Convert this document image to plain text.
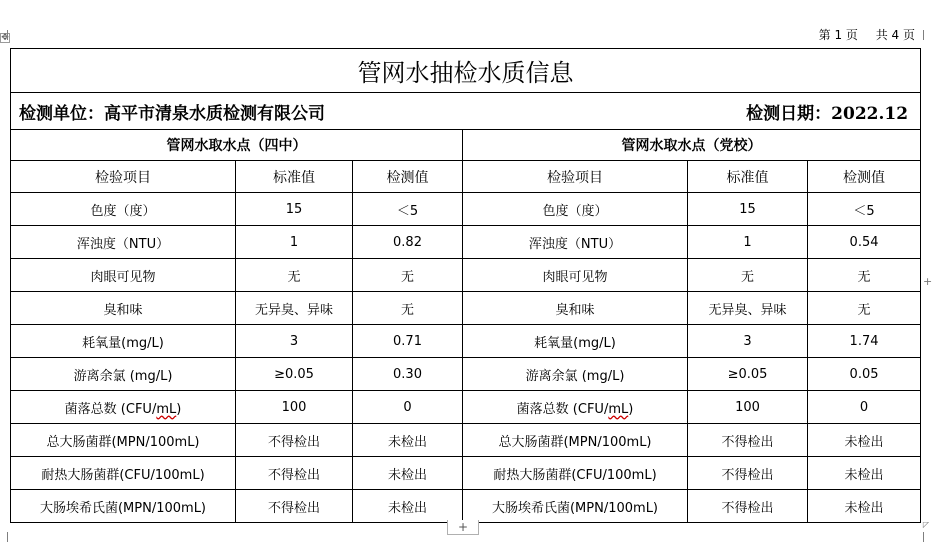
✥	第 1 页 共 4 页
管网水抽检水质信息					
检测单位：高平市清泉水质检测有限公司			检测日期：2022.12		
管网水取水点（四中）			管网水取水点（党校）		
检验项目	标准值	检测值	检验项目	标准值	检测值
色度（度）	15	＜5	色度（度）	15	＜5
浑浊度（NTU）	1	0.82	浑浊度（NTU）	1	0.54
肉眼可见物	无	无	肉眼可见物	无	无
臭和味	无异臭、异味	无	臭和味	无异臭、异味	无
耗氧量(mg/L)	3	0.71	耗氧量(mg/L)	3	1.74
游离余氯 (mg/L)	≥0.05	0.30	游离余氯 (mg/L)	≥0.05	0.05
菌落总数 (CFU/mL)	100	0	菌落总数 (CFU/mL)	100	0
总大肠菌群(MPN/100mL)	不得检出	未检出	总大肠菌群(MPN/100mL)	不得检出	未检出
耐热大肠菌群(CFU/100mL)	不得检出	未检出	耐热大肠菌群(CFU/100mL)	不得检出	未检出
大肠埃希氏菌(MPN/100mL)	不得检出	未检出	大肠埃希氏菌(MPN/100mL)	不得检出	未检出
+
+	◸
